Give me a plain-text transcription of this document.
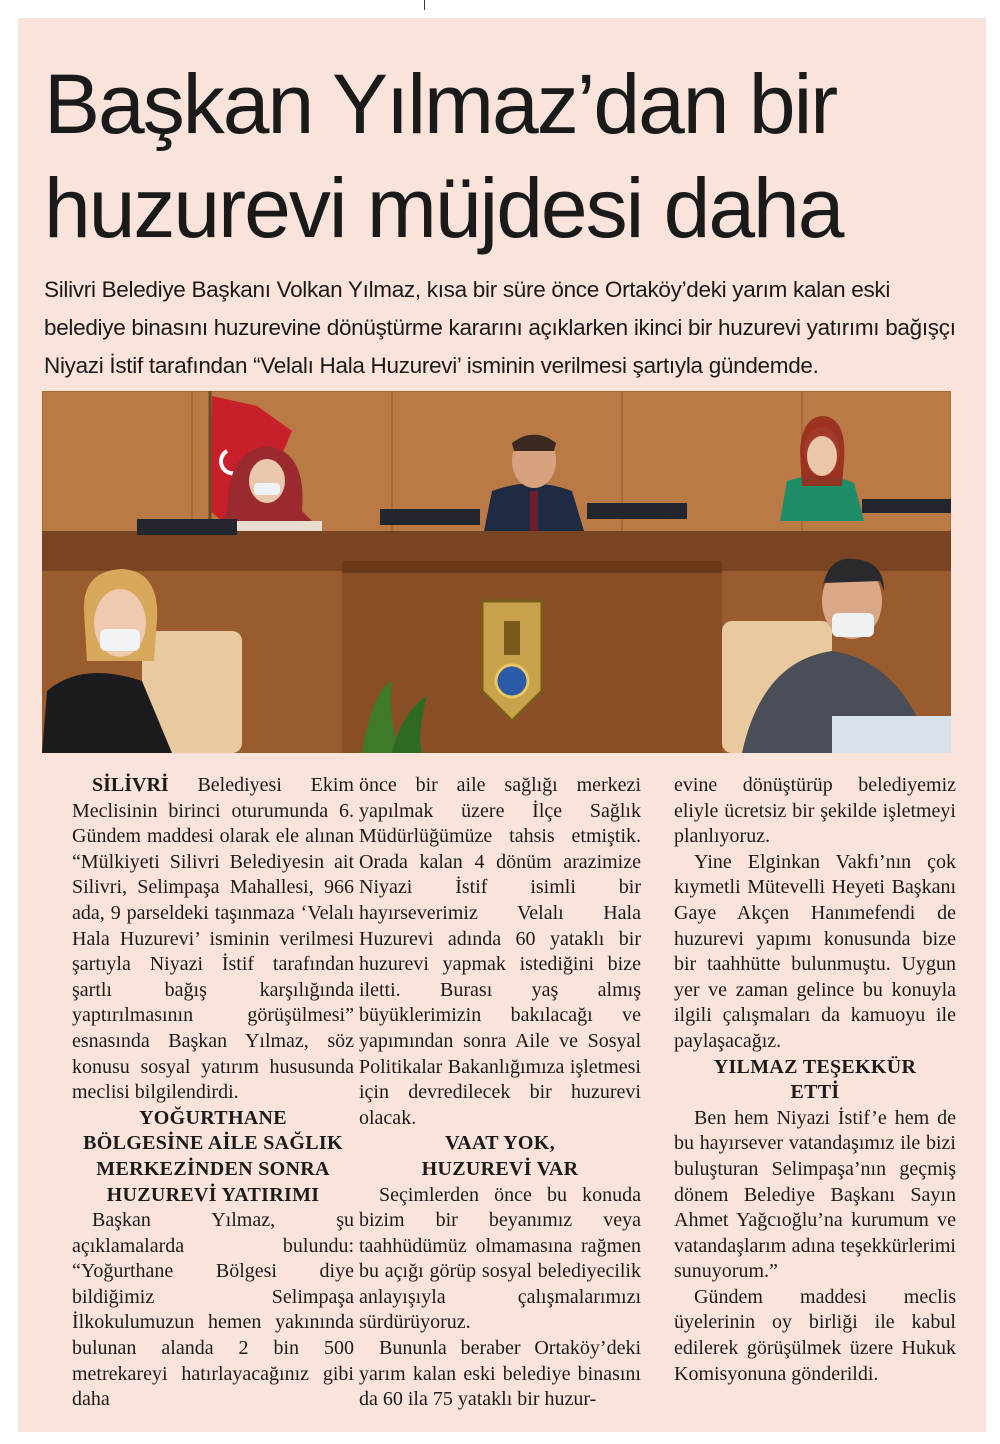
Başkan Yılmaz’dan bir
huzurevi müjdesi daha

Silivri Belediye Başkanı Volkan Yılmaz, kısa bir süre önce Ortaköy’deki yarım kalan eski belediye binasını huzurevine dönüştürme kararını açıklarken ikinci bir huzurevi yatırımı bağışçı Niyazi İstif tarafından “Velalı Hala Huzurevi’ isminin verilmesi şartıyla gündemde.

SİLİVRİ Belediyesi Ekim Meclisinin birinci oturumunda 6. Gündem maddesi olarak ele alınan “Mülkiyeti Silivri Belediyesin ait Silivri, Selimpaşa Mahallesi, 966 ada, 9 parseldeki taşınmaza ‘Velalı Hala Huzurevi’ isminin verilmesi şartıyla Niyazi İstif tarafından şartlı bağış karşılığında yaptırılmasının görüşülmesi” esnasında Başkan Yılmaz, söz konusu sosyal yatırım hususunda meclisi bilgilendirdi.

YOĞURTHANE BÖLGESİNE AİLE SAĞLIK MERKEZİNDEN SONRA HUZUREVİ YATIRIMI

Başkan Yılmaz, şu açıklamalarda bulundu: “Yoğurthane Bölgesi diye bildiğimiz Selimpaşa İlkokulumuzun hemen yakınında bulunan alanda 2 bin 500 metrekareyi hatırlayacağınız gibi daha

önce bir aile sağlığı merkezi yapılmak üzere İlçe Sağlık Müdürlüğümüze tahsis etmiştik. Orada kalan 4 dönüm arazimize Niyazi İstif isimli bir hayırseverimiz Velalı Hala Huzurevi adında 60 yataklı bir huzurevi yapmak istediğini bize iletti. Burası yaş almış büyüklerimizin bakılacağı ve yapımından sonra Aile ve Sosyal Politikalar Bakanlığımıza işletmesi için devredilecek bir huzurevi olacak.

VAAT YOK, HUZUREVİ VAR

Seçimlerden önce bu konuda bizim bir beyanımız veya taahhüdümüz olmamasına rağmen bu açığı görüp sosyal belediyecilik anlayışıyla çalışmalarımızı sürdürüyoruz.

Bununla beraber Ortaköy’deki yarım kalan eski belediye binasını da 60 ila 75 yataklı bir huzur-

evine dönüştürüp belediyemiz eliyle ücretsiz bir şekilde işletmeyi planlıyoruz.

Yine Elginkan Vakfı’nın çok kıymetli Mütevelli Heyeti Başkanı Gaye Akçen Hanımefendi de huzurevi yapımı konusunda bize bir taahhütte bulunmuştu. Uygun yer ve zaman gelince bu konuyla ilgili çalışmaları da kamuoyu ile paylaşacağız.

YILMAZ TEŞEKKÜR ETTİ

Ben hem Niyazi İstif’e hem de bu hayırsever vatandaşımız ile bizi buluşturan Selimpaşa’nın geçmiş dönem Belediye Başkanı Sayın Ahmet Yağcıoğlu’na kurumum ve vatandaşlarım adına teşekkürlerimi sunuyorum.”

Gündem maddesi meclis üyelerinin oy birliği ile kabul edilerek görüşülmek üzere Hukuk Komisyonuna gönderildi.
